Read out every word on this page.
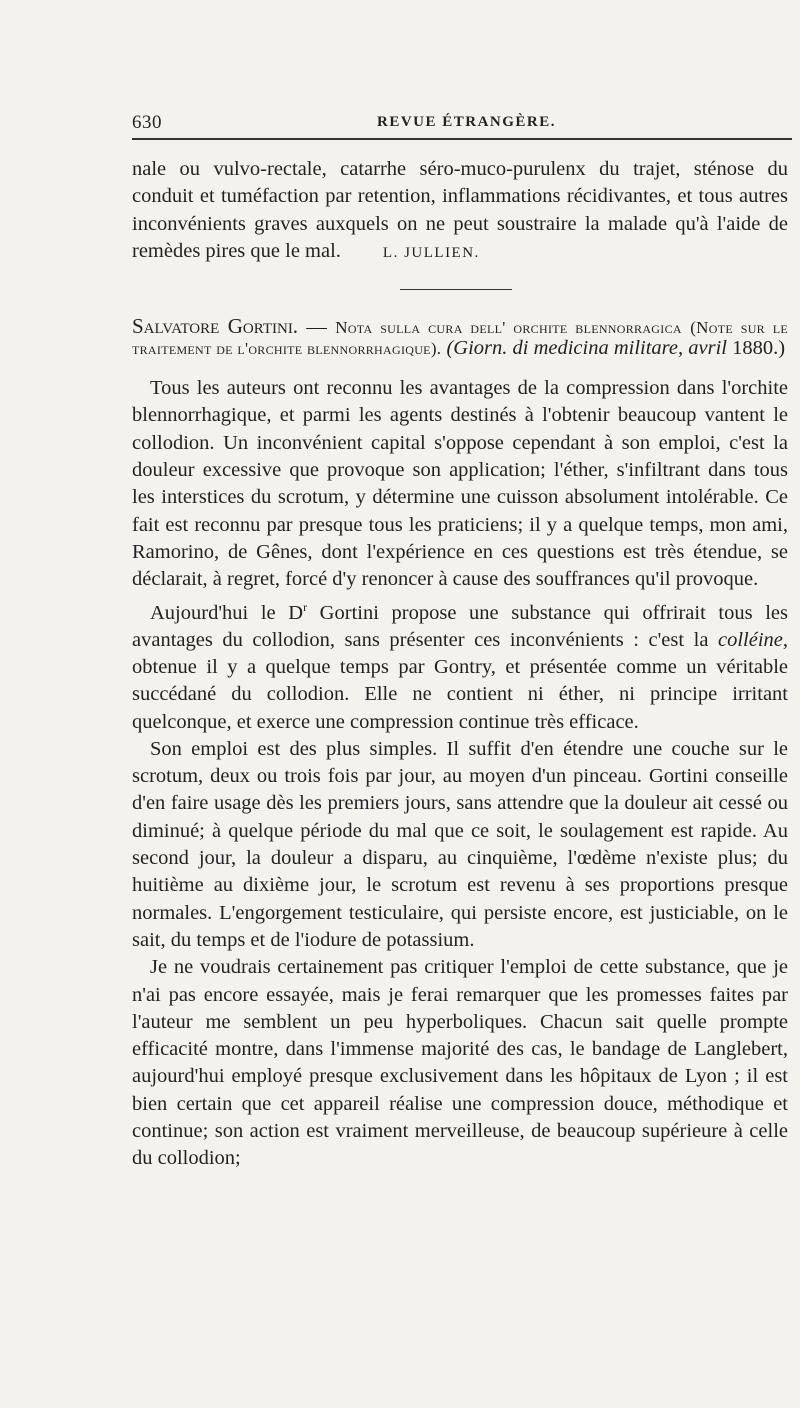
630	REVUE ÉTRANGÈRE.

nale ou vulvo-rectale, catarrhe séro-muco-purulenx du trajet, sténose du conduit et tuméfaction par retention, inflammations récidivantes, et tous autres inconvénients graves auxquels on ne peut soustraire la malade qu'à l'aide de remèdes pires que le mal.	L. JULLIEN.

Salvatore Gortini. — Nota sulla cura dell' orchite blennorragica (Note sur le traitement de l'orchite blennorrhagique). (Giorn. di medicina militare, avril 1880.)

Tous les auteurs ont reconnu les avantages de la compression dans l'orchite blennorrhagique, et parmi les agents destinés à l'obtenir beaucoup vantent le collodion. Un inconvénient capital s'oppose cependant à son emploi, c'est la douleur excessive que provoque son application; l'éther, s'infiltrant dans tous les interstices du scrotum, y détermine une cuisson absolument intolérable. Ce fait est reconnu par presque tous les praticiens; il y a quelque temps, mon ami, Ramorino, de Gênes, dont l'expérience en ces questions est très étendue, se déclarait, à regret, forcé d'y renoncer à cause des souffrances qu'il provoque.

Aujourd'hui le $D^r$ Gortini propose une substance qui offrirait tous les avantages du collodion, sans présenter ces inconvénients : c'est la colléine, obtenue il y a quelque temps par Gontry, et présentée comme un véritable succédané du collodion. Elle ne contient ni éther, ni principe irritant quelconque, et exerce une compression continue très efficace.

Son emploi est des plus simples. Il suffit d'en étendre une couche sur le scrotum, deux ou trois fois par jour, au moyen d'un pinceau. Gortini conseille d'en faire usage dès les premiers jours, sans attendre que la douleur ait cessé ou diminué; à quelque période du mal que ce soit, le soulagement est rapide. Au second jour, la douleur a disparu, au cinquième, l'œdème n'existe plus; du huitième au dixième jour, le scrotum est revenu à ses proportions presque normales. L'engorgement testiculaire, qui persiste encore, est justiciable, on le sait, du temps et de l'iodure de potassium.

Je ne voudrais certainement pas critiquer l'emploi de cette substance, que je n'ai pas encore essayée, mais je ferai remarquer que les promesses faites par l'auteur me semblent un peu hyperboliques. Chacun sait quelle prompte efficacité montre, dans l'immense majorité des cas, le bandage de Langlebert, aujourd'hui employé presque exclusivement dans les hôpitaux de Lyon ; il est bien certain que cet appareil réalise une compression douce, méthodique et continue; son action est vraiment merveilleuse, de beaucoup supérieure à celle du collodion;
